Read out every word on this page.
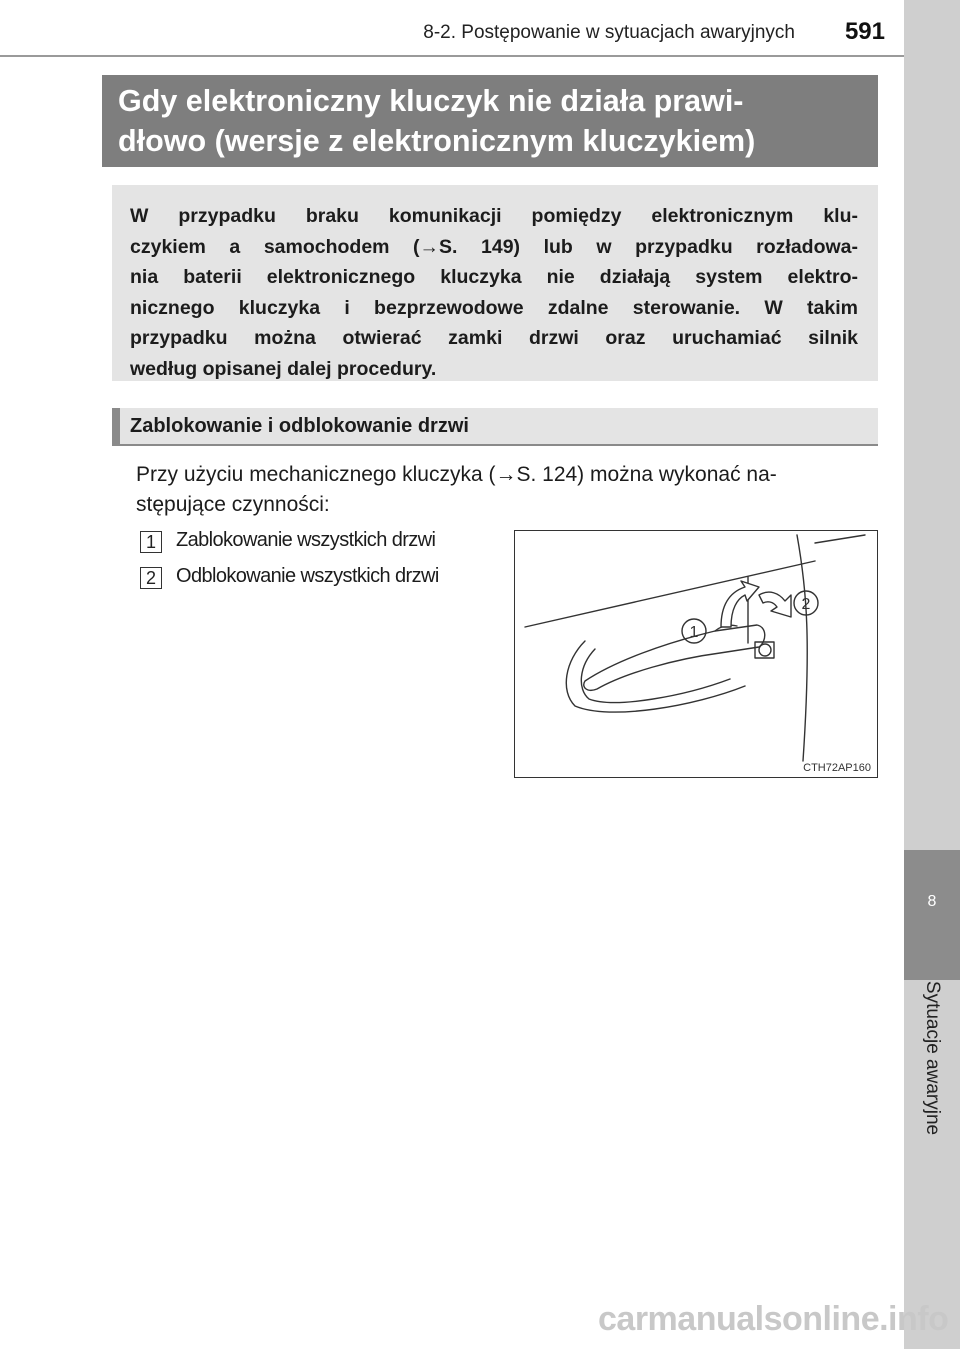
8-2. Postępowanie w sytuacjach awaryjnych	591
8
Sytuacje awaryjne
Gdy elektroniczny kluczyk nie działa prawi-
dłowo (wersje z elektronicznym kluczykiem)
W przypadku braku komunikacji pomiędzy elektronicznym klu-
czykiem a samochodem (→S. 149) lub w przypadku rozładowa-
nia baterii elektronicznego kluczyka nie działają system elektro-
nicznego kluczyka i bezprzewodowe zdalne sterowanie. W takim
przypadku można otwierać zamki drzwi oraz uruchamiać silnik
według opisanej dalej procedury.
Zablokowanie i odblokowanie drzwi
Przy użyciu mechanicznego kluczyka (→S. 124) można wykonać na-
stępujące czynności:
1	Zablokowanie wszystkich drzwi
2	Odblokowanie wszystkich drzwi
1
2
CTH72AP160
carmanualsonline.info
